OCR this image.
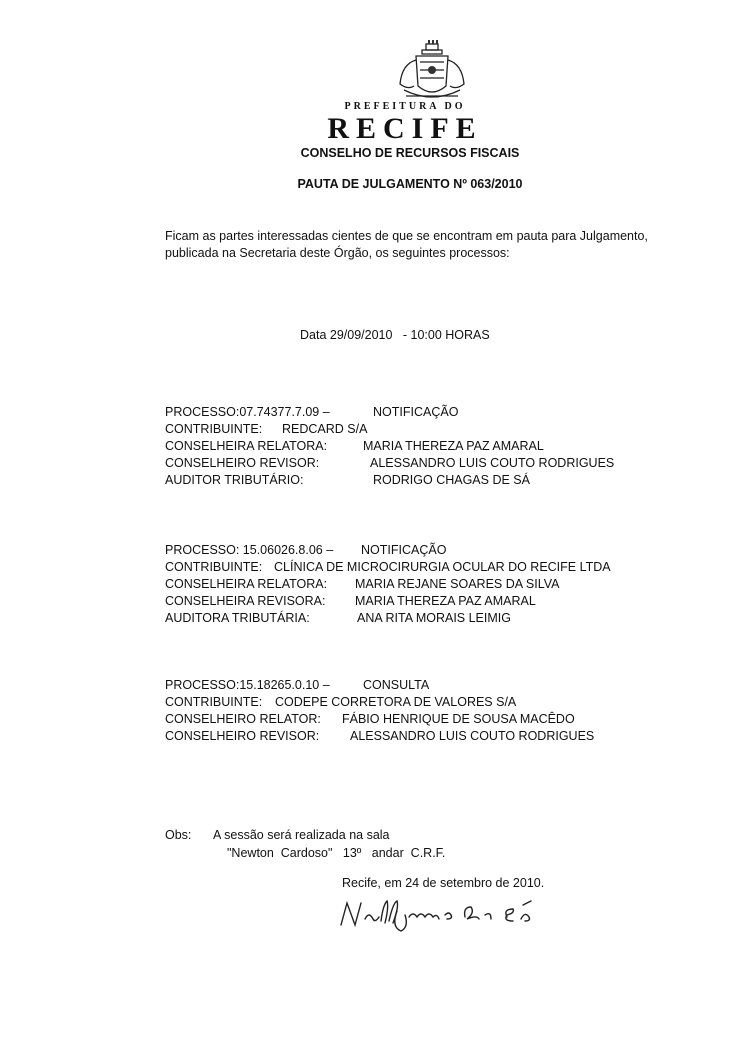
PREFEITURA DO
RECIFE
CONSELHO DE RECURSOS FISCAIS
PAUTA DE JULGAMENTO Nº 063/2010
Ficam as partes interessadas cientes de que se encontram em pauta para Julgamento, publicada na Secretaria deste Órgão, os seguintes processos:
Data 29/09/2010   - 10:00 HORAS
PROCESSO:07.74377.7.09 –	NOTIFICAÇÃO
CONTRIBUINTE: REDCARD S/A
CONSELHEIRA RELATORA:	MARIA THEREZA PAZ AMARAL
CONSELHEIRO REVISOR:	ALESSANDRO LUIS COUTO RODRIGUES
AUDITOR TRIBUTÁRIO:	RODRIGO CHAGAS DE SÁ
PROCESSO: 15.06026.8.06 – NOTIFICAÇÃO
CONTRIBUINTE: CLÍNICA DE MICROCIRURGIA OCULAR DO RECIFE LTDA
CONSELHEIRA RELATORA: MARIA REJANE SOARES DA SILVA
CONSELHEIRA REVISORA: MARIA THEREZA PAZ AMARAL
AUDITORA TRIBUTÁRIA:	ANA RITA MORAIS LEIMIG
PROCESSO:15.18265.0.10 –	CONSULTA
CONTRIBUINTE: CODEPE CORRETORA DE VALORES S/A
CONSELHEIRO RELATOR: FÁBIO HENRIQUE DE SOUSA MACÊDO
CONSELHEIRO REVISOR: ALESSANDRO LUIS COUTO RODRIGUES
Obs: A sessão será realizada na sala
"Newton  Cardoso"   13º   andar  C.R.F.
Recife, em 24 de setembro de 2010.
Naulffmme de Sá
